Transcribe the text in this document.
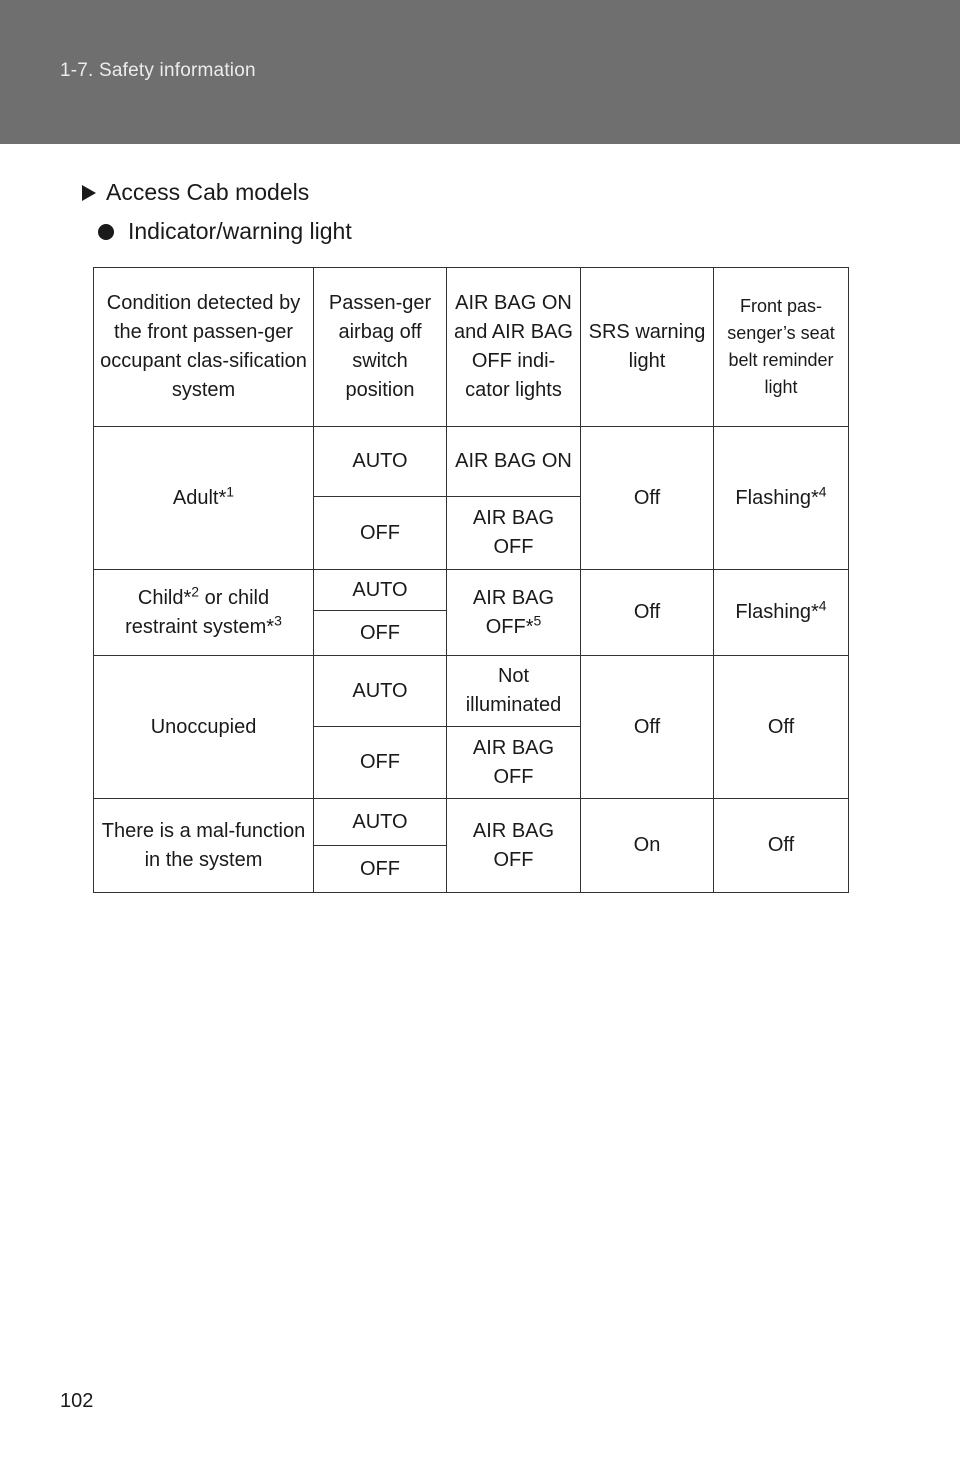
1-7. Safety information
Access Cab models
Indicator/warning light
Condition detected by the front passen-ger occupant clas-sification system	Passen-ger airbag off switch position	AIR BAG ON and AIR BAG OFF indi-cator lights	SRS warning light	Front pas-senger’s seat belt reminder light
Adult*$^1$	AUTO	AIR BAG ON	Off	Flashing*$^4$
	OFF	AIR BAG OFF		
Child*$^2$ or child restraint system*$^3$	AUTO	AIR BAG OFF*$^5$	Off	Flashing*$^4$
	OFF			
Unoccupied	AUTO	Not illuminated	Off	Off
	OFF	AIR BAG OFF		
There is a mal-function in the system	AUTO	AIR BAG OFF	On	Off
	OFF			
102
